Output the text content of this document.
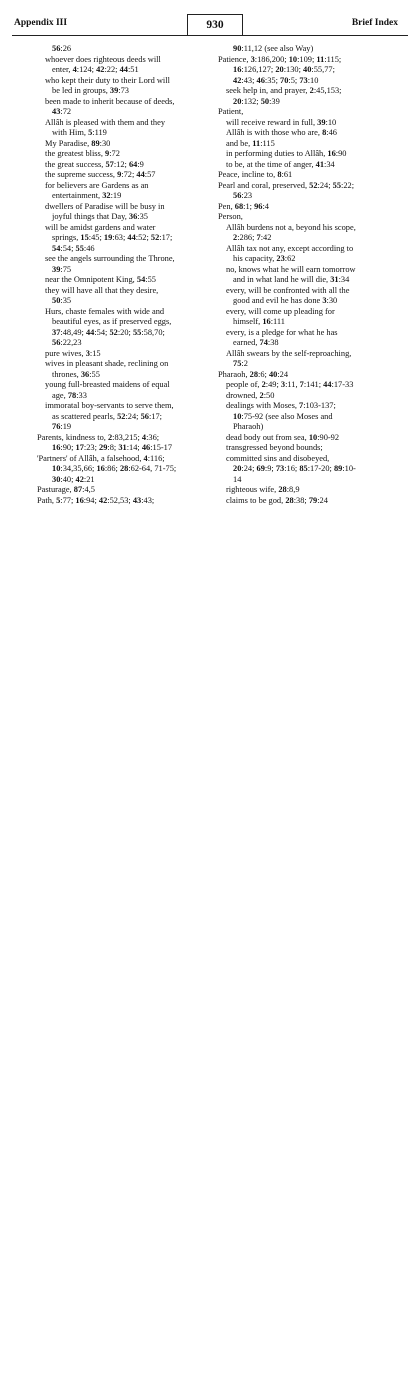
Appendix III	930	Brief Index
56:26
whoever does righteous deeds will
enter, 4:124; 42:22; 44:51
who kept their duty to their Lord will
be led in groups, 39:73
been made to inherit because of deeds,
43:72
Allâh is pleased with them and they
with Him, 5:119
My Paradise, 89:30
the greatest bliss, 9:72
the great success, 57:12; 64:9
the supreme success, 9:72; 44:57
for believers are Gardens as an
entertainment, 32:19
dwellers of Paradise will be busy in
joyful things that Day, 36:35
will be amidst gardens and water
springs, 15:45; 19:63; 44:52; 52:17;
54:54; 55:46
see the angels surrounding the Throne,
39:75
near the Omnipotent King, 54:55
they will have all that they desire,
50:35
Hurs, chaste females with wide and
beautiful eyes, as if preserved eggs,
37:48,49; 44:54; 52:20; 55:58,70;
56:22,23
pure wives, 3:15
wives in pleasant shade, reclining on
thrones, 36:55
young full-breasted maidens of equal
age, 78:33
immoratal boy-servants to serve them,
as scattered pearls, 52:24; 56:17;
76:19
Parents, kindness to, 2:83,215; 4:36;
16:90; 17:23; 29:8; 31:14; 46:15-17
'Partners' of Allâh, a falsehood, 4:116;
10:34,35,66; 16:86; 28:62-64, 71-75;
30:40; 42:21
Pasturage, 87:4,5
Path, 5:77; 16:94; 42:52,53; 43:43;
90:11,12 (see also Way)
Patience, 3:186,200; 10:109; 11:115;
16:126,127; 20:130; 40:55,77;
42:43; 46:35; 70:5; 73:10
seek help in, and prayer, 2:45,153;
20:132; 50:39
Patient,
will receive reward in full, 39:10
Allâh is with those who are, 8:46
and be, 11:115
in performing duties to Allâh, 16:90
to be, at the time of anger, 41:34
Peace, incline to, 8:61
Pearl and coral, preserved, 52:24; 55:22;
56:23
Pen, 68:1; 96:4
Person,
Allâh burdens not a, beyond his scope,
2:286; 7:42
Allâh tax not any, except according to
his capacity, 23:62
no, knows what he will earn tomorrow
and in what land he will die, 31:34
every, will be confronted with all the
good and evil he has done 3:30
every, will come up pleading for
himself, 16:111
every, is a pledge for what he has
earned, 74:38
Allâh swears by the self-reproaching,
75:2
Pharaoh, 28:6; 40:24
people of, 2:49; 3:11, 7:141; 44:17-33
drowned, 2:50
dealings with Moses, 7:103-137;
10:75-92 (see also Moses and
Pharaoh)
dead body out from sea, 10:90-92
transgressed beyond bounds;
committed sins and disobeyed,
20:24; 69:9; 73:16; 85:17-20; 89:10-
14
righteous wife, 28:8,9
claims to be god, 28:38; 79:24
